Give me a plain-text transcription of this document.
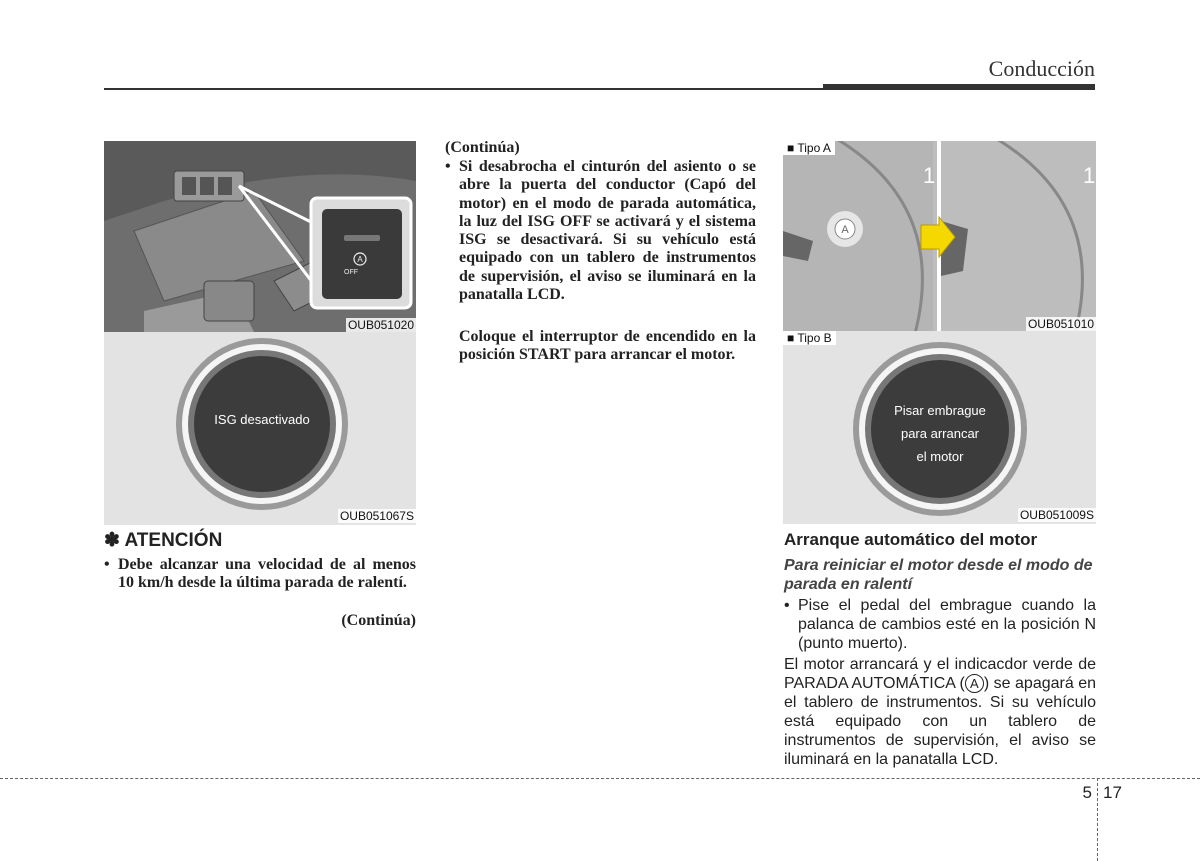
Conducción
A
OFF
OUB051020
ISG desactivado
OUB051067S
✽ ATENCIÓN
• Debe alcanzar una velocidad de al menos 10 km/h desde la última parada de ralentí.
(Continúa)
(Continúa)
• Si desabrocha el cinturón del asiento o se abre la puerta del conductor (Capó del motor) en el modo de parada automática, la luz del ISG OFF se activará y el sistema ISG se desactivará. Si su vehículo está equipado con un tablero de instrumentos de supervisión, el aviso se iluminará en la panatalla LCD.
Coloque el interruptor de encendido en la posición START para arrancar el motor.
A
1	1
■ Tipo A
OUB051010
■ Tipo B
Pisar embrague
para arrancar
el motor
OUB051009S
Arranque automático del motor
Para reiniciar el motor desde el modo de parada en ralentí
• Pise el pedal del embrague cuando la palanca de cambios esté en la posición N (punto muerto).
El motor arrancará y el indicacdor verde de PARADA AUTOMÁTICA ( A ) se apagará en el tablero de instrumentos. Si su vehículo está equipado con un tablero de instrumentos de supervisión, el aviso se iluminará en la panatalla LCD.
5 17
